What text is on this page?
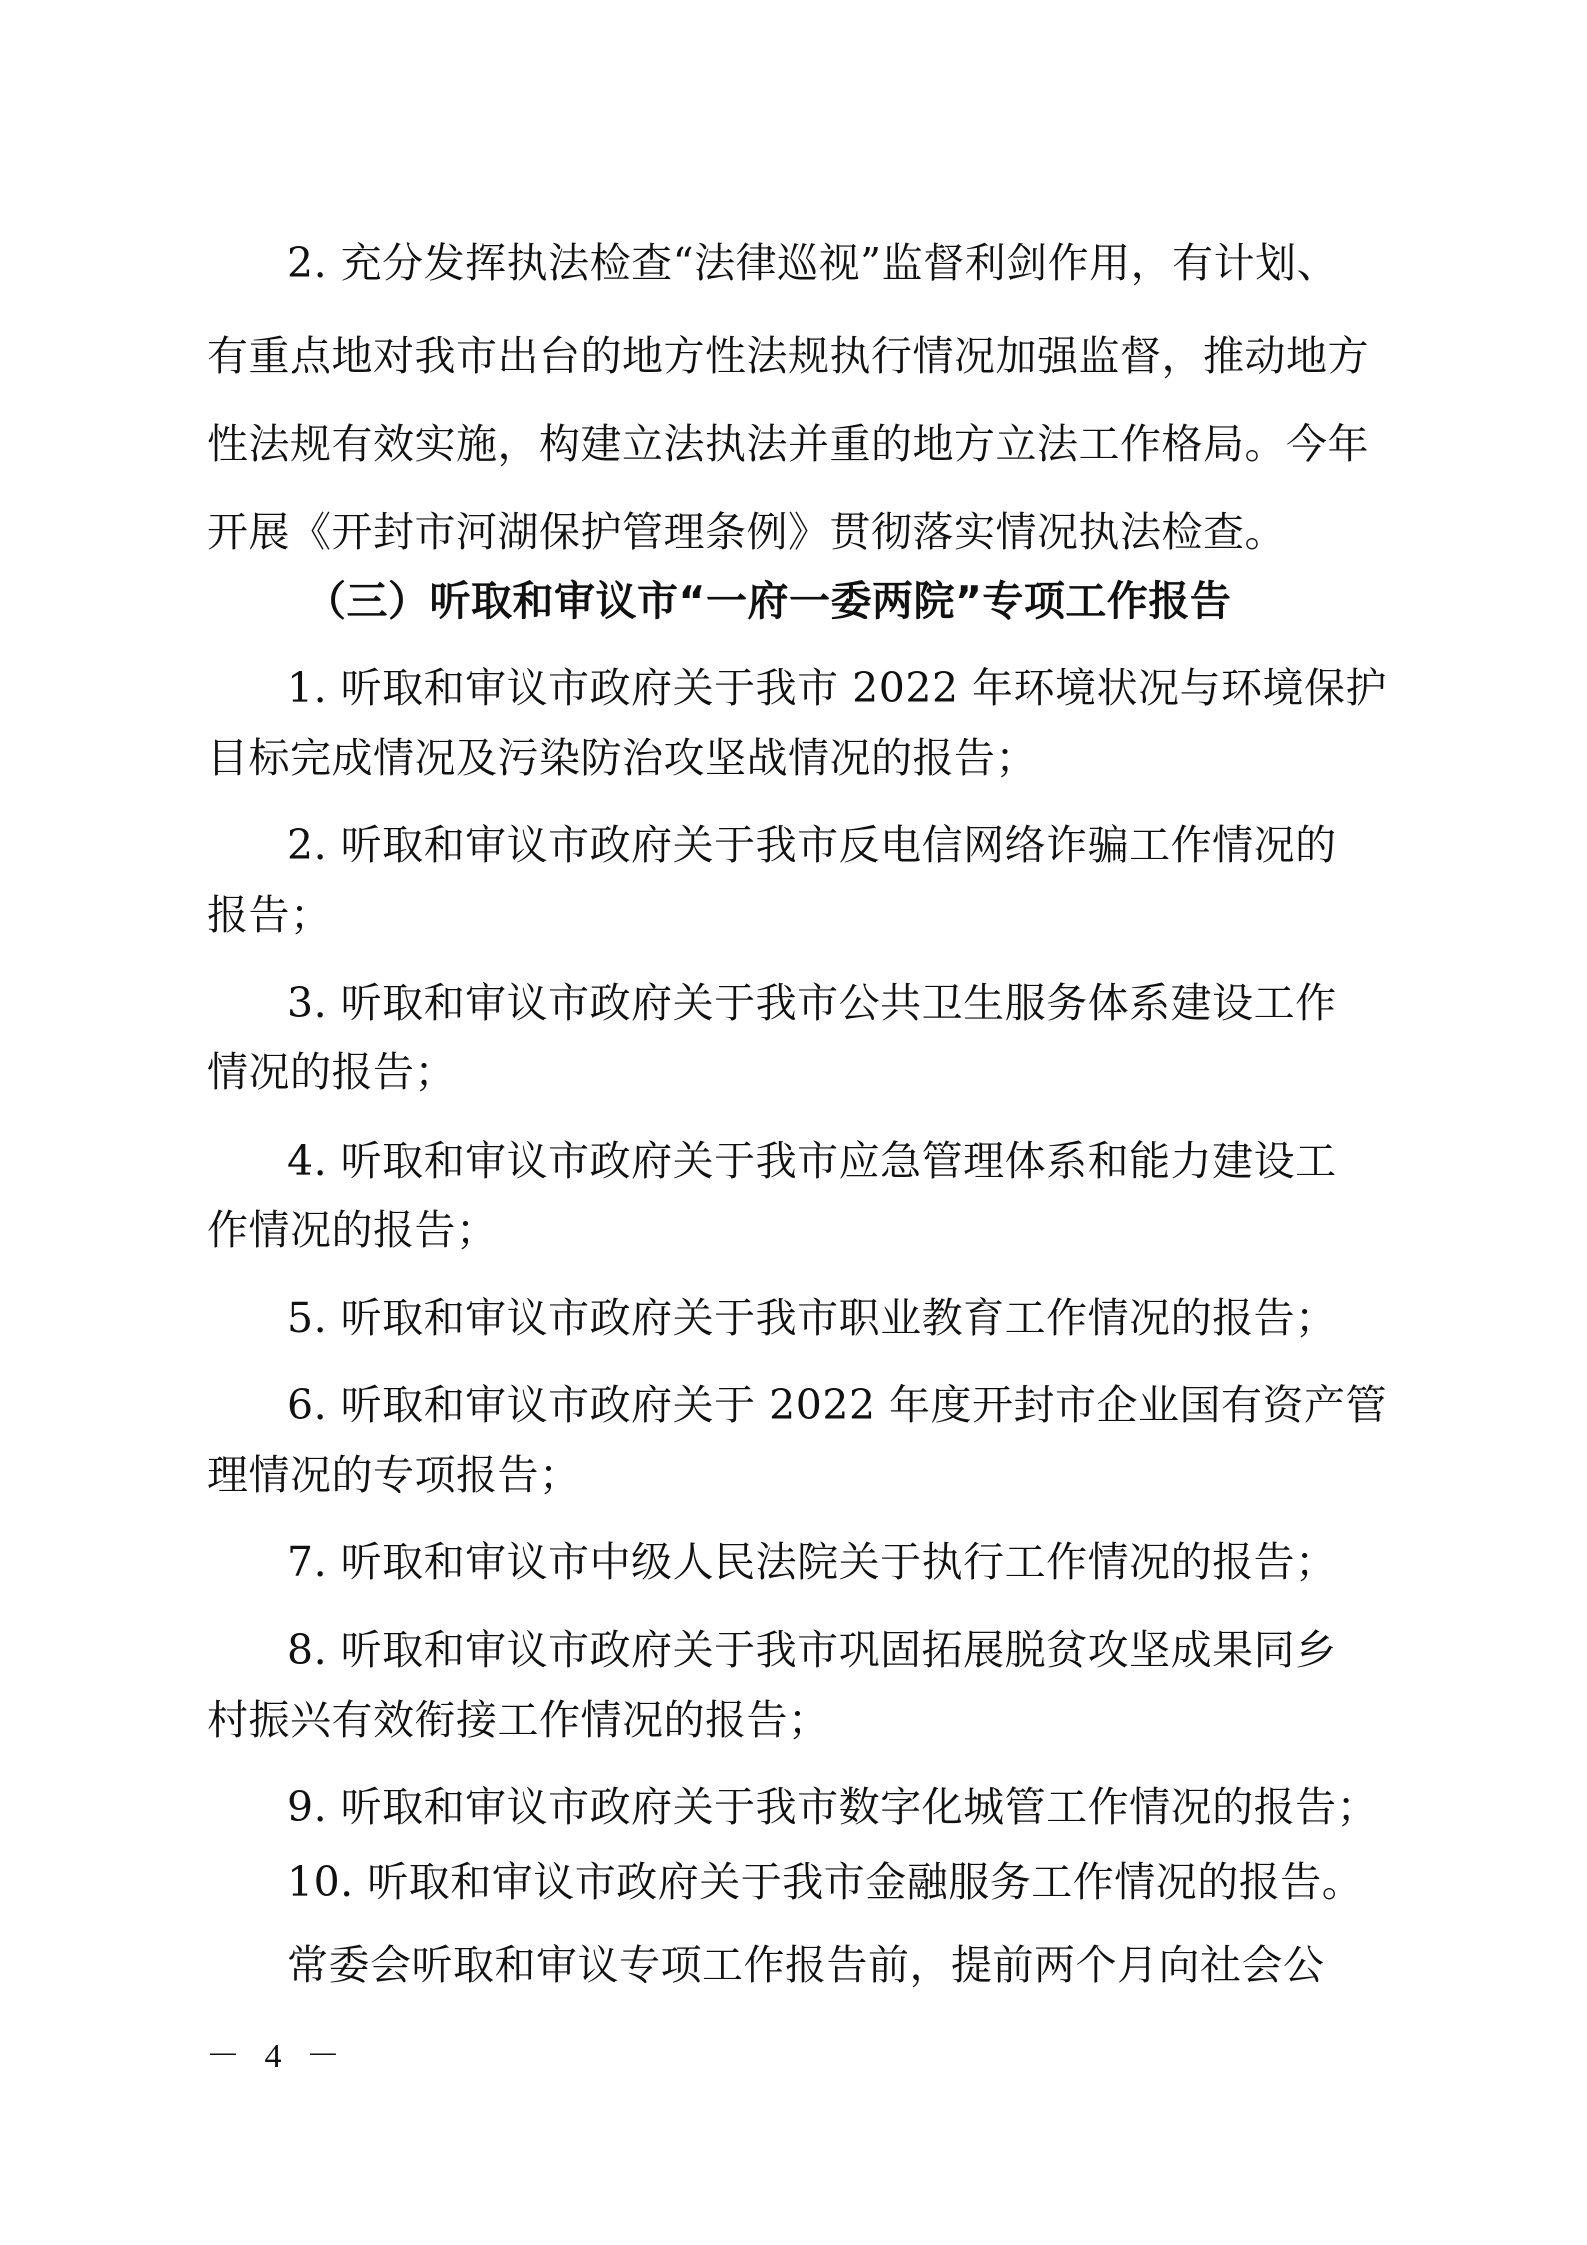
2. 充分发挥执法检查“法律巡视”监督利剑作用，有计划、
有重点地对我市出台的地方性法规执行情况加强监督，推动地方
性法规有效实施，构建立法执法并重的地方立法工作格局。今年
开展《开封市河湖保护管理条例》贯彻落实情况执法检查。
（三）听取和审议市“一府一委两院”专项工作报告
1. 听取和审议市政府关于我市 2022 年环境状况与环境保护
目标完成情况及污染防治攻坚战情况的报告；
2. 听取和审议市政府关于我市反电信网络诈骗工作情况的
报告；
3. 听取和审议市政府关于我市公共卫生服务体系建设工作
情况的报告；
4. 听取和审议市政府关于我市应急管理体系和能力建设工
作情况的报告；
5. 听取和审议市政府关于我市职业教育工作情况的报告；
6. 听取和审议市政府关于 2022 年度开封市企业国有资产管
理情况的专项报告；
7. 听取和审议市中级人民法院关于执行工作情况的报告；
8. 听取和审议市政府关于我市巩固拓展脱贫攻坚成果同乡
村振兴有效衔接工作情况的报告；
9. 听取和审议市政府关于我市数字化城管工作情况的报告；
10. 听取和审议市政府关于我市金融服务工作情况的报告。
常委会听取和审议专项工作报告前，提前两个月向社会公
－ 4 －
